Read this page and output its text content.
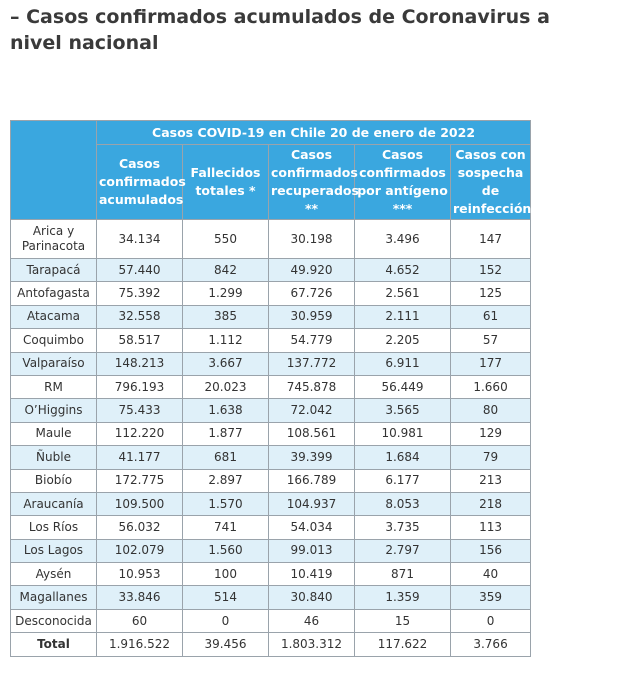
– Casos confirmados acumulados de Coronavirus a nivel nacional
	Casos COVID-19 en Chile 20 de enero de 2022				
	Casos confirmados acumulados	Fallecidos totales *	Casos confirmados recuperados **	Casos confirmados por antígeno ***	Casos con sospecha de reinfección
Arica y Parinacota	34.134	550	30.198	3.496	147
Tarapacá	57.440	842	49.920	4.652	152
Antofagasta	75.392	1.299	67.726	2.561	125
Atacama	32.558	385	30.959	2.111	61
Coquimbo	58.517	1.112	54.779	2.205	57
Valparaíso	148.213	3.667	137.772	6.911	177
RM	796.193	20.023	745.878	56.449	1.660
O’Higgins	75.433	1.638	72.042	3.565	80
Maule	112.220	1.877	108.561	10.981	129
Ñuble	41.177	681	39.399	1.684	79
Biobío	172.775	2.897	166.789	6.177	213
Araucanía	109.500	1.570	104.937	8.053	218
Los Ríos	56.032	741	54.034	3.735	113
Los Lagos	102.079	1.560	99.013	2.797	156
Aysén	10.953	100	10.419	871	40
Magallanes	33.846	514	30.840	1.359	359
Desconocida	60	0	46	15	0
Total	1.916.522	39.456	1.803.312	117.622	3.766
